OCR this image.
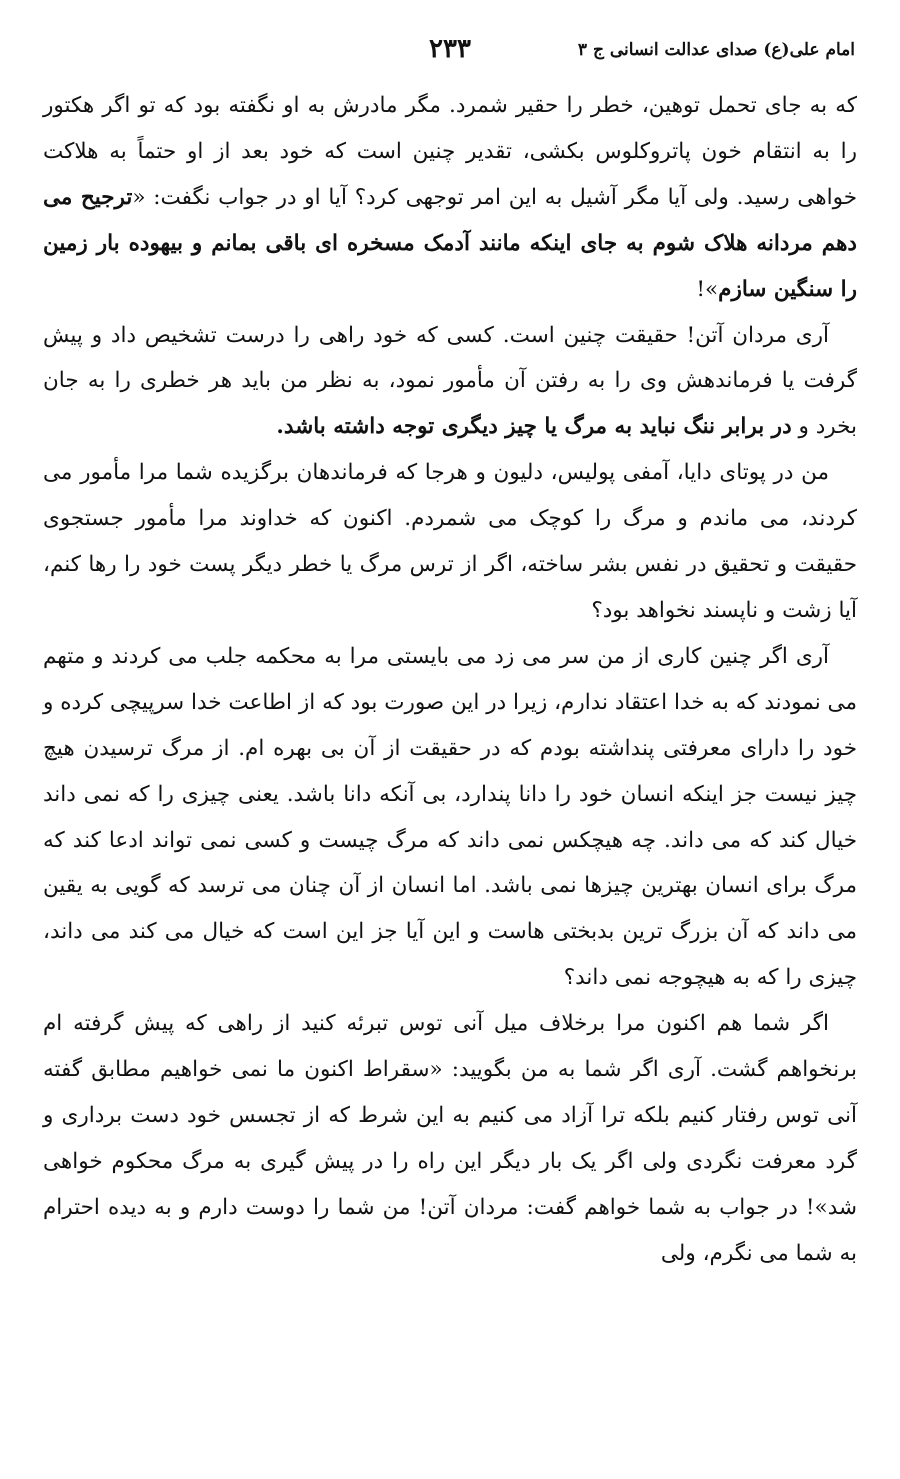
امام علی(ع) صدای عدالت انسانی ج ۳
۲۳۳

که به جای تحمل توهین، خطر را حقیر شمرد. مگر مادرش به او نگفته بود که تو اگر هکتور را به انتقام خون پاتروکلوس بکشی، تقدیر چنین است که خود بعد از او حتماً به هلاکت خواهی رسید. ولی آیا مگر آشیل به این امر توجهی کرد؟ آیا او در جواب نگفت: «ترجیح می دهم مردانه هلاک شوم به جای اینکه مانند آدمک مسخره ای باقی بمانم و بیهوده بار زمین را سنگین سازم»!

آری مردان آتن! حقیقت چنین است. کسی که خود راهی را درست تشخیص داد و پیش گرفت یا فرماندهش وی را به رفتن آن مأمور نمود، به نظر من باید هر خطری را به جان بخرد و در برابر ننگ نباید به مرگ یا چیز دیگری توجه داشته باشد.

من در پوتای دایا، آمفی پولیس، دلیون و هرجا که فرماندهان برگزیده شما مرا مأمور می کردند، می ماندم و مرگ را کوچک می شمردم. اکنون که خداوند مرا مأمور جستجوی حقیقت و تحقیق در نفس بشر ساخته، اگر از ترس مرگ یا خطر دیگر پست خود را رها کنم، آیا زشت و ناپسند نخواهد بود؟

آری اگر چنین کاری از من سر می زد می بایستی مرا به محکمه جلب می کردند و متهم می نمودند که به خدا اعتقاد ندارم، زیرا در این صورت بود که از اطاعت خدا سرپیچی کرده و خود را دارای معرفتی پنداشته بودم که در حقیقت از آن بی بهره ام. از مرگ ترسیدن هیچ چیز نیست جز اینکه انسان خود را دانا پندارد، بی آنکه دانا باشد. یعنی چیزی را که نمی داند خیال کند که می داند. چه هیچکس نمی داند که مرگ چیست و کسی نمی تواند ادعا کند که مرگ برای انسان بهترین چیزها نمی باشد. اما انسان از آن چنان می ترسد که گویی به یقین می داند که آن بزرگ ترین بدبختی هاست و این آیا جز این است که خیال می کند می داند، چیزی را که به هیچوجه نمی داند؟

اگر شما هم اکنون مرا برخلاف میل آنی توس تبرئه کنید از راهی که پیش گرفته ام برنخواهم گشت. آری اگر شما به من بگویید: «سقراط اکنون ما نمی خواهیم مطابق گفته آنی توس رفتار کنیم بلکه ترا آزاد می کنیم به این شرط که از تجسس خود دست برداری و گرد معرفت نگردی ولی اگر یک بار دیگر این راه را در پیش گیری به مرگ محکوم خواهی شد»! در جواب به شما خواهم گفت: مردان آتن! من شما را دوست دارم و به دیده احترام به شما می نگرم، ولی
